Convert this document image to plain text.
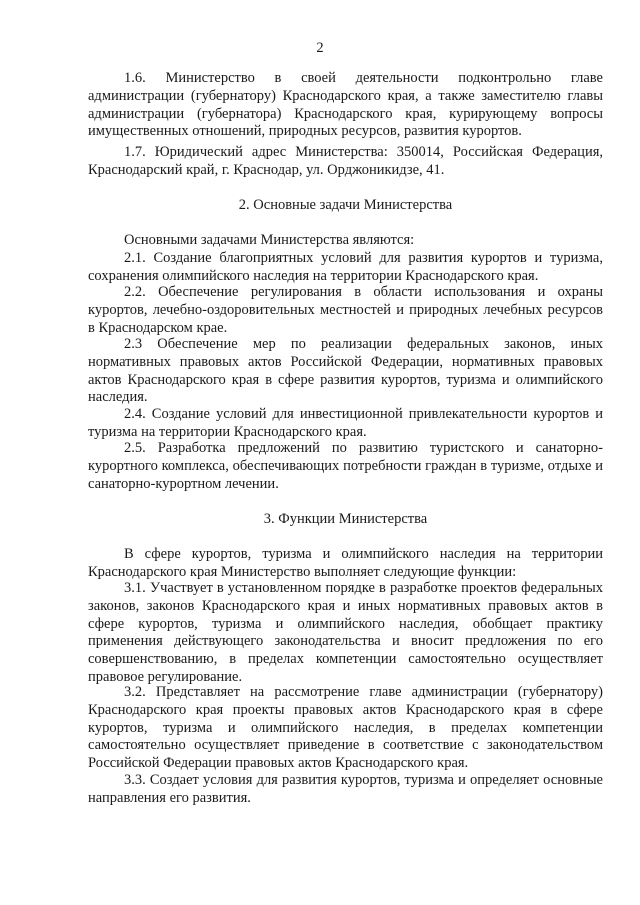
2
1.6. Министерство в своей деятельности подконтрольно главе администрации (губернатору) Краснодарского края, а также заместителю главы администрации (губернатора) Краснодарского края, курирующему вопросы имущественных отношений, природных ресурсов, развития курортов.
1.7. Юридический адрес Министерства: 350014, Российская Федерация, Краснодарский край, г. Краснодар, ул. Орджоникидзе, 41.
2. Основные задачи Министерства
Основными задачами Министерства являются:
2.1. Создание благоприятных условий для развития курортов и туризма, сохранения олимпийского наследия на территории Краснодарского края.
2.2. Обеспечение регулирования в области использования и охраны курортов, лечебно-оздоровительных местностей и природных лечебных ресурсов в Краснодарском крае.
2.3 Обеспечение мер по реализации федеральных законов, иных нормативных правовых актов Российской Федерации, нормативных правовых актов Краснодарского края в сфере развития курортов, туризма и олимпийского наследия.
2.4. Создание условий для инвестиционной привлекательности курортов и туризма на территории Краснодарского края.
2.5. Разработка предложений по развитию туристского и санаторно-курортного комплекса, обеспечивающих потребности граждан в туризме, отдыхе и санаторно-курортном лечении.
3. Функции Министерства
В сфере курортов, туризма и олимпийского наследия на территории Краснодарского края Министерство выполняет следующие функции:
3.1. Участвует в установленном порядке в разработке проектов федеральных законов, законов Краснодарского края и иных нормативных правовых актов в сфере курортов, туризма и олимпийского наследия, обобщает практику применения действующего законодательства и вносит предложения по его совершенствованию, в пределах компетенции самостоятельно осуществляет правовое регулирование.
3.2. Представляет на рассмотрение главе администрации (губернатору) Краснодарского края проекты правовых актов Краснодарского края в сфере курортов, туризма и олимпийского наследия, в пределах компетенции самостоятельно осуществляет приведение в соответствие с законодательством Российской Федерации правовых актов Краснодарского края.
3.3. Создает условия для развития курортов, туризма и определяет основные направления его развития.
